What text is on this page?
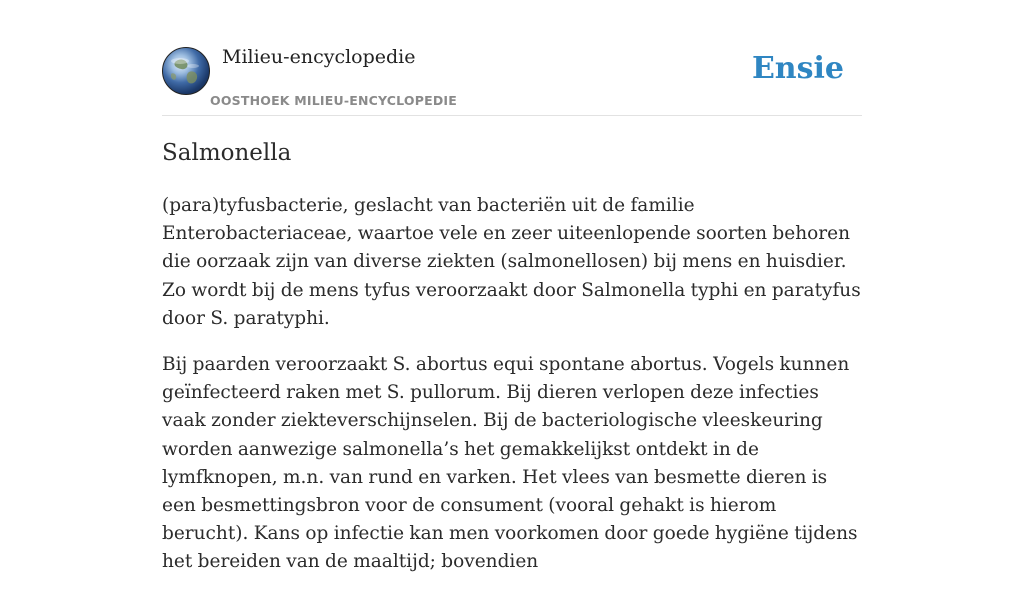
Milieu-encyclopedie
OOSTHOEK MILIEU-ENCYCLOPEDIE
Ensie
Salmonella

(para)tyfusbacterie, geslacht van bacteriën uit de familie Enterobacteriaceae, waartoe vele en zeer uiteenlopende soorten behoren die oorzaak zijn van diverse ziekten (salmonellosen) bij mens en huisdier. Zo wordt bij de mens tyfus veroorzaakt door Salmonella typhi en paratyfus door S. paratyphi.

Bij paarden veroorzaakt S. abortus equi spontane abortus. Vogels kunnen geïnfecteerd raken met S. pullorum. Bij dieren verlopen deze infecties vaak zonder ziekteverschijnselen. Bij de bacteriologische vleeskeuring worden aanwezige salmonella’s het gemakkelijkst ontdekt in de lymfknopen, m.n. van rund en varken. Het vlees van besmette dieren is een besmettingsbron voor de consument (vooral gehakt is hierom berucht). Kans op infectie kan men voorkomen door goede hygiëne tijdens het bereiden van de maaltijd; bovendien
